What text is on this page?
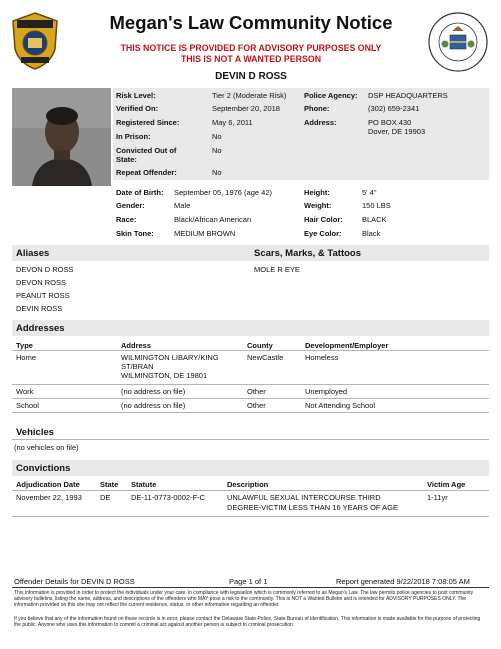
Megan's Law Community Notice
THIS NOTICE IS PROVIDED FOR ADVISORY PURPOSES ONLY
THIS IS NOT A WANTED PERSON
DEVIN D ROSS
Risk Level:	Tier 2 (Moderate Risk)
Verified On:	September 20, 2018
Registered Since:	May 6, 2011
In Prison:	No
Convicted Out of State:
No
Repeat Offender:	No
Police Agency: DSP HEADQUARTERS
Phone:	(302) 659-2341
Address:	PO BOX 430
Dover, DE 19903
Date of Birth: September 05, 1976 (age 42)
Gender:	Male
Race:	Black/African American
Skin Tone:	MEDIUM BROWN
Height:	5' 4"
Weight:	150 LBS
Hair Color:	BLACK
Eye Color:	Black
Aliases	Scars, Marks, & Tattoos
DEVON D ROSS
DEVON ROSS
PEANUT ROSS
DEVIN ROSS
MOLE R EYE
Addresses
Type	Address	County	Development/Employer
Home	WILMINGTON LIBARY/KING
ST/BRAN
WILMINGTON, DE 19801
NewCastle	Homeless
Work	(no address on file)	Other	Unemployed
School	(no address on file)	Other	Not Attending School
Vehicles
(no vehicles on file)
Convictions
Adjudication Date	State Statute	Description	Victim Age
November 22, 1993 DE	DE-11-0773-0002-F-C	UNLAWFUL SEXUAL INTERCOURSE THIRD
DEGREE-VICTIM LESS THAN 16 YEARS OF AGE
1-11yr
Offender Details for DEVIN D ROSS	Page 1 of 1	Report generated 9/22/2018 7:08:05 AM
This information is provided in order to protect the individuals under your care, in compliance with legislation which is commonly referred to as Megan's Law. The law permits police agencies to post community advisory bulletins, listing the name, address, and descriptions of the offenders who MAY pose a risk to the community. This is NOT a Wanted Bulletin and is intended for ADVISORY PURPOSES ONLY. The information provided on this site may not reflect the current residence, status, or other information regarding an offender.
If you believe that any of the information found on these records is in error, please contact the Delaware State Police, State Bureau of Identification. This information is made available for the purpose of protecting the public. Anyone who uses this information to commit a criminal act against another person is subject to criminal prosecution.
